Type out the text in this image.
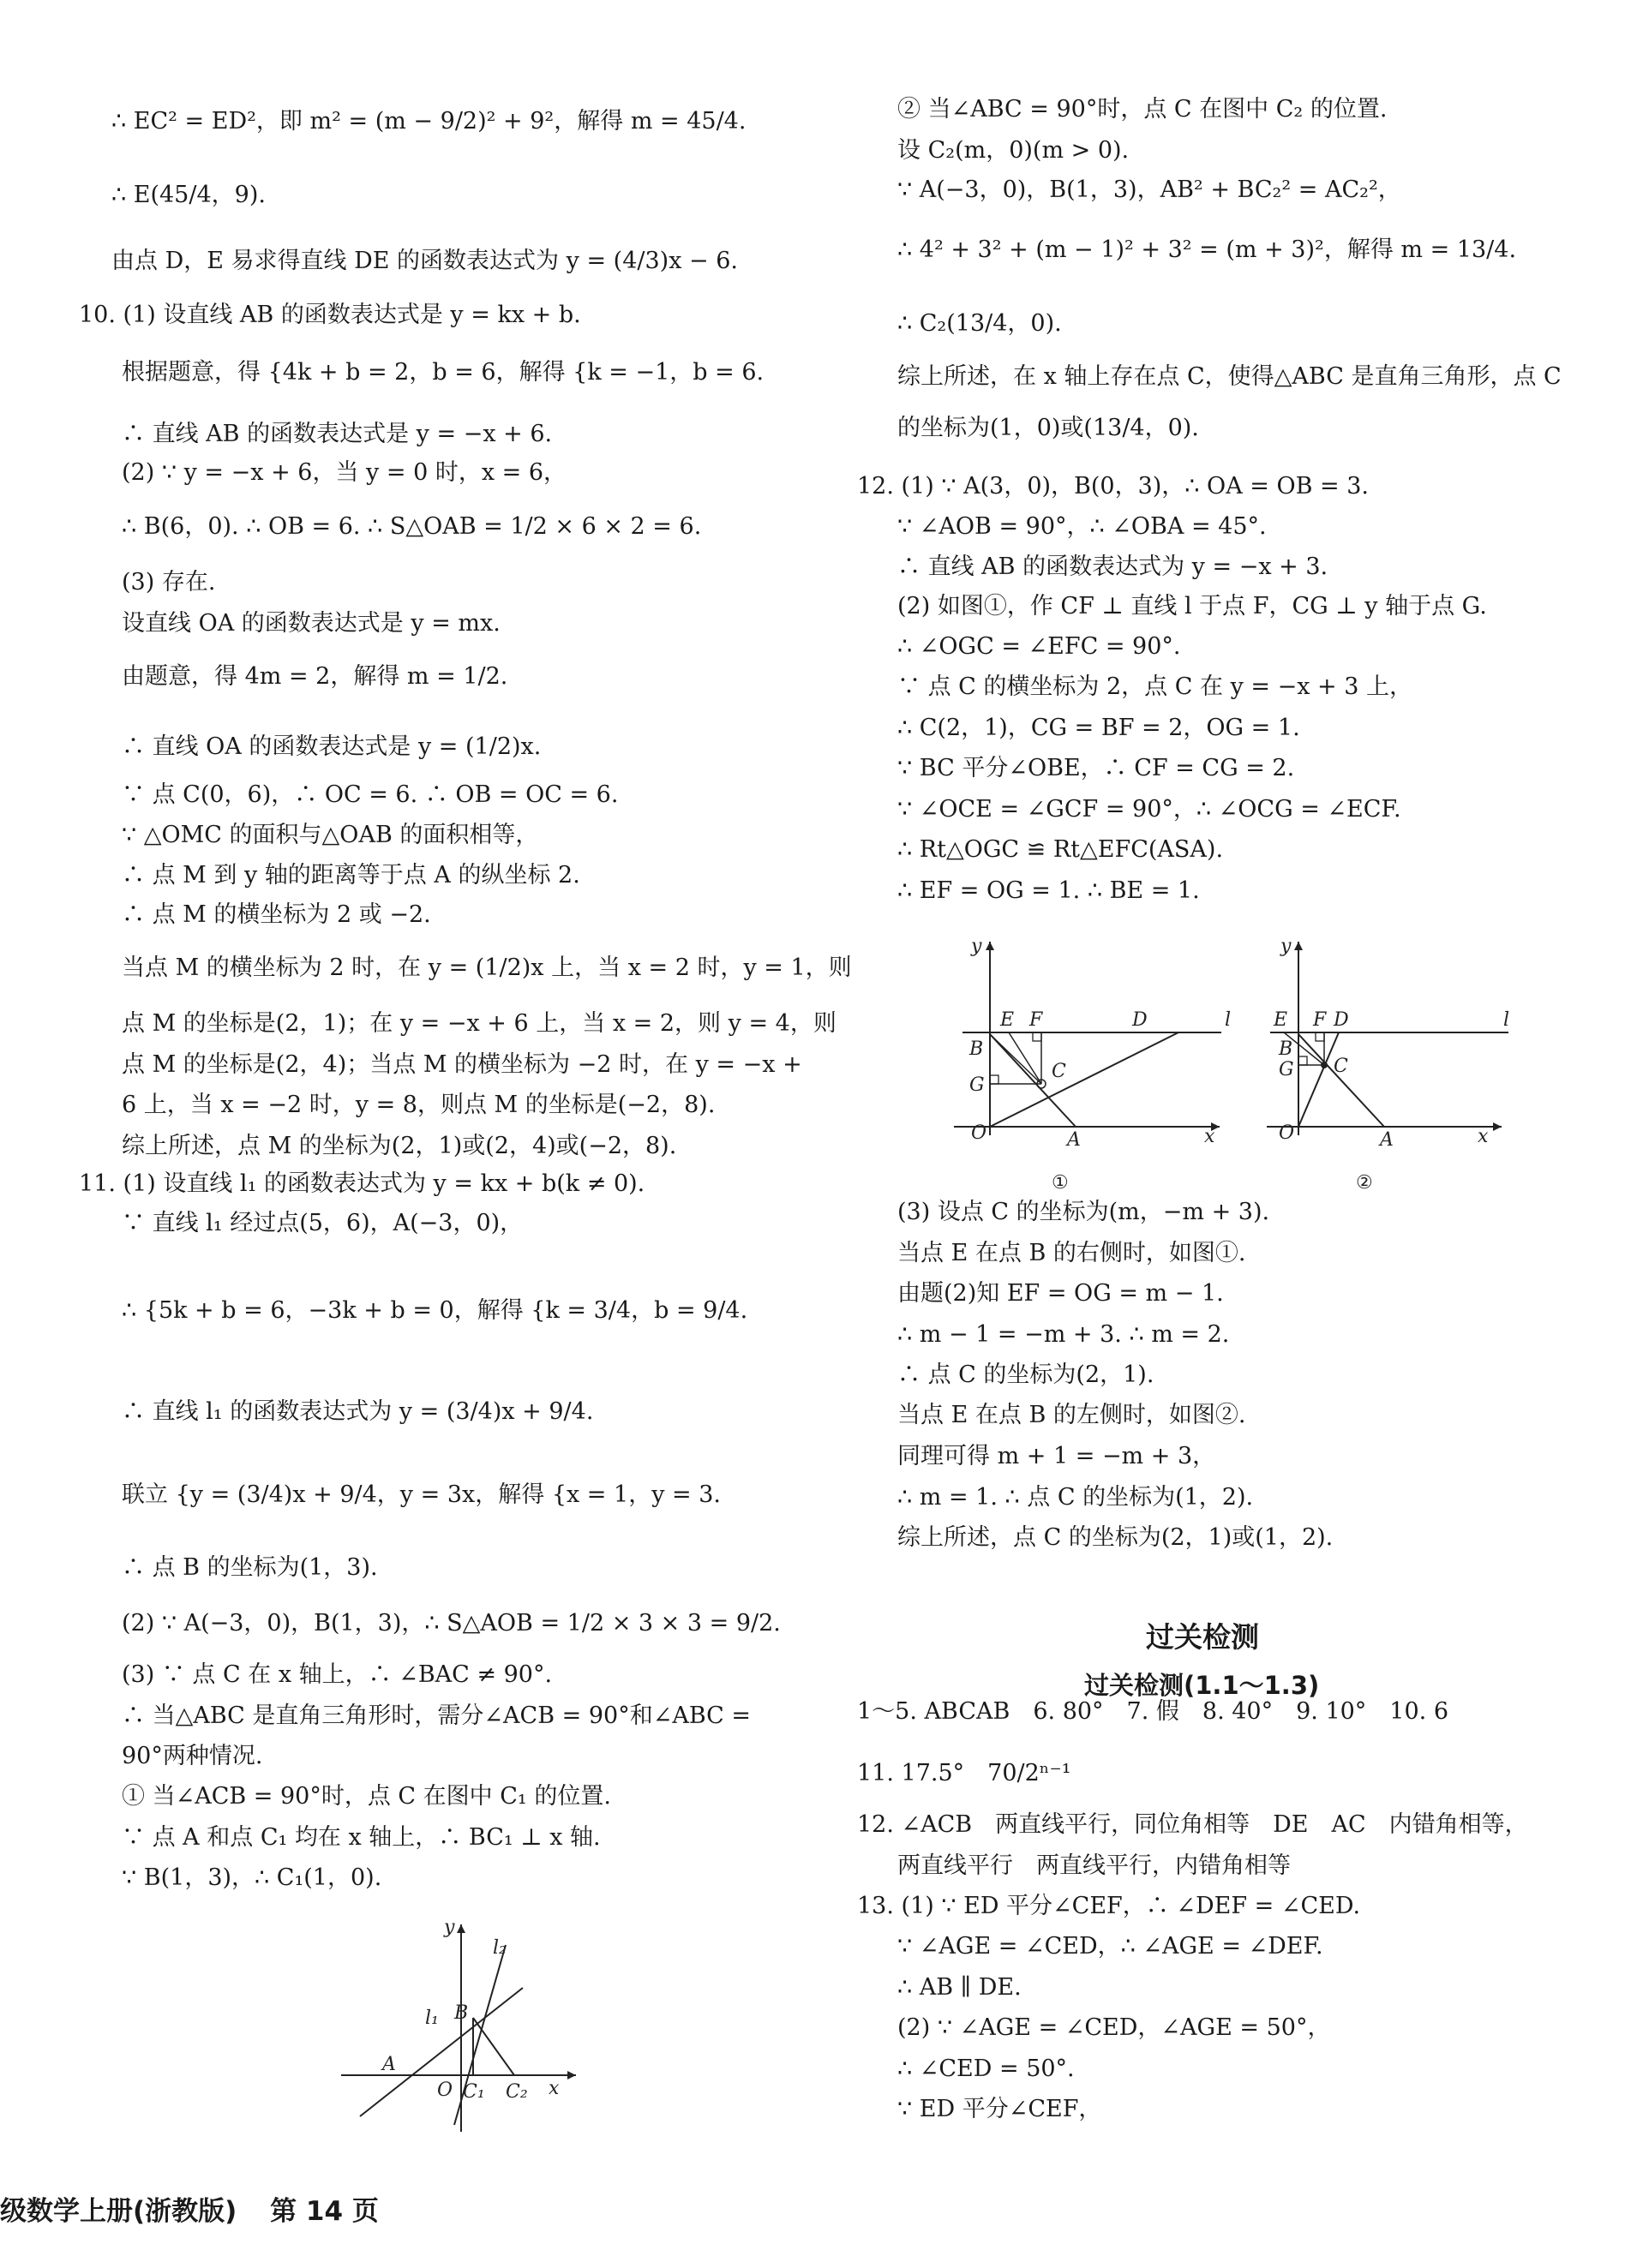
∴ EC² = ED²，即 m² = (m − 9/2)² + 9²，解得 m = 45/4.
∴ E(45/4，9).
由点 D，E 易求得直线 DE 的函数表达式为 y = (4/3)x − 6.
10. (1) 设直线 AB 的函数表达式是 y = kx + b.
根据题意，得 {4k + b = 2，b = 6，解得 {k = −1，b = 6.
∴ 直线 AB 的函数表达式是 y = −x + 6.
(2) ∵ y = −x + 6，当 y = 0 时，x = 6，
∴ B(6，0). ∴ OB = 6. ∴ S△OAB = 1/2 × 6 × 2 = 6.
(3) 存在.
设直线 OA 的函数表达式是 y = mx.
由题意，得 4m = 2，解得 m = 1/2.
∴ 直线 OA 的函数表达式是 y = (1/2)x.
∵ 点 C(0，6)，∴ OC = 6. ∴ OB = OC = 6.
∵ △OMC 的面积与△OAB 的面积相等，
∴ 点 M 到 y 轴的距离等于点 A 的纵坐标 2.
∴ 点 M 的横坐标为 2 或 −2.
当点 M 的横坐标为 2 时，在 y = (1/2)x 上，当 x = 2 时，y = 1，则
点 M 的坐标是(2，1)；在 y = −x + 6 上，当 x = 2，则 y = 4，则
点 M 的坐标是(2，4)；当点 M 的横坐标为 −2 时，在 y = −x +
6 上，当 x = −2 时，y = 8，则点 M 的坐标是(−2，8).
综上所述，点 M 的坐标为(2，1)或(2，4)或(−2，8).
11. (1) 设直线 l₁ 的函数表达式为 y = kx + b(k ≠ 0).
∵ 直线 l₁ 经过点(5，6)，A(−3，0)，
∴ {5k + b = 6，−3k + b = 0，解得 {k = 3/4，b = 9/4.
∴ 直线 l₁ 的函数表达式为 y = (3/4)x + 9/4.
联立 {y = (3/4)x + 9/4，y = 3x，解得 {x = 1，y = 3.
∴ 点 B 的坐标为(1，3).
(2) ∵ A(−3，0)，B(1，3)，∴ S△AOB = 1/2 × 3 × 3 = 9/2.
(3) ∵ 点 C 在 x 轴上，∴ ∠BAC ≠ 90°.
∴ 当△ABC 是直角三角形时，需分∠ACB = 90°和∠ABC =
90°两种情况.
① 当∠ACB = 90°时，点 C 在图中 C₁ 的位置.
∵ 点 A 和点 C₁ 均在 x 轴上，∴ BC₁ ⊥ x 轴.
∵ B(1，3)，∴ C₁(1，0).
② 当∠ABC = 90°时，点 C 在图中 C₂ 的位置.
设 C₂(m，0)(m > 0).
∵ A(−3，0)，B(1，3)，AB² + BC₂² = AC₂²，
∴ 4² + 3² + (m − 1)² + 3² = (m + 3)²，解得 m = 13/4.
∴ C₂(13/4，0).
综上所述，在 x 轴上存在点 C，使得△ABC 是直角三角形，点 C
的坐标为(1，0)或(13/4，0).
12. (1) ∵ A(3，0)，B(0，3)，∴ OA = OB = 3.
∵ ∠AOB = 90°，∴ ∠OBA = 45°.
∴ 直线 AB 的函数表达式为 y = −x + 3.
(2) 如图①，作 CF ⊥ 直线 l 于点 F，CG ⊥ y 轴于点 G.
∴ ∠OGC = ∠EFC = 90°.
∵ 点 C 的横坐标为 2，点 C 在 y = −x + 3 上，
∴ C(2，1)，CG = BF = 2，OG = 1.
∵ BC 平分∠OBE，∴ CF = CG = 2.
∵ ∠OCE = ∠GCF = 90°，∴ ∠OCG = ∠ECF.
∴ Rt△OGC ≌ Rt△EFC(ASA).
∴ EF = OG = 1. ∴ BE = 1.
(3) 设点 C 的坐标为(m，−m + 3).
当点 E 在点 B 的右侧时，如图①.
由题(2)知 EF = OG = m − 1.
∴ m − 1 = −m + 3. ∴ m = 2.
∴ 点 C 的坐标为(2，1).
当点 E 在点 B 的左侧时，如图②.
同理可得 m + 1 = −m + 3，
∴ m = 1. ∴ 点 C 的坐标为(1，2).
综上所述，点 C 的坐标为(2，1)或(1，2).
1～5. ABCAB　6. 80°　7. 假　8. 40°　9. 10°　10. 6
11. 17.5°　70/2ⁿ⁻¹
12. ∠ACB　两直线平行，同位角相等　DE　AC　内错角相等，
两直线平行　两直线平行，内错角相等
13. (1) ∵ ED 平分∠CEF，∴ ∠DEF = ∠CED.
∵ ∠AGE = ∠CED，∴ ∠AGE = ∠DEF.
∴ AB ∥ DE.
(2) ∵ ∠AGE = ∠CED，∠AGE = 50°，
∴ ∠CED = 50°.
∵ ED 平分∠CEF，
y
l₂
l₁ B
A
O C₁ C₂ x
y
E F	D	l
B
C
G
O	A	x
①
y
E F D	l
B
G C
O	A	x
②
过关检测
过关检测(1.1～1.3)
级数学上册(浙教版) 第 14 页
